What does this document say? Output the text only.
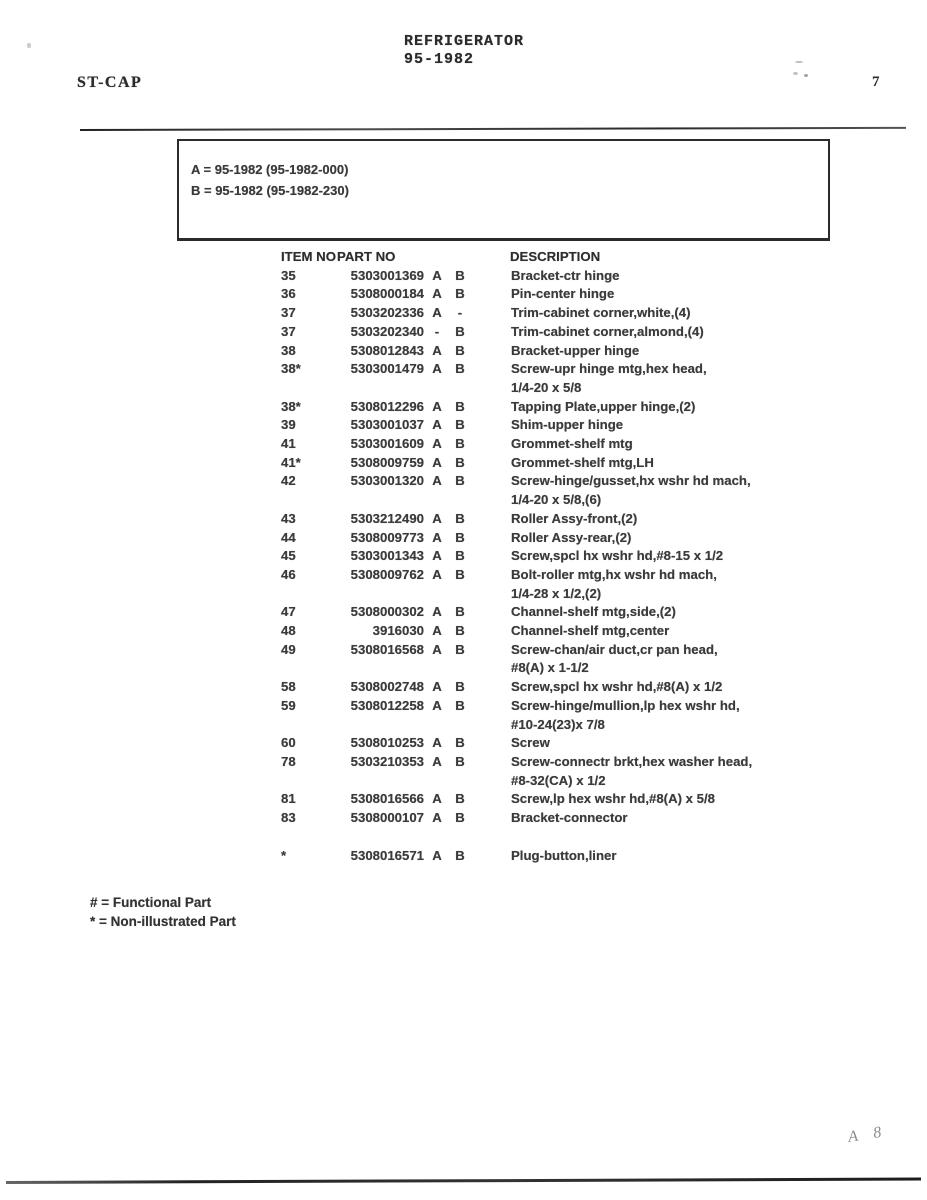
REFRIGERATOR
95-1982
ST-CAP	7
A = 95-1982 (95-1982-000)
B = 95-1982 (95-1982-230)
ITEM NO PART NO	DESCRIPTION
35	5303001369 A	B	Bracket-ctr hinge
36	5308000184 A	B	Pin-center hinge
37	5303202336 A	-	Trim-cabinet corner,white,(4)
37	5303202340 -	B	Trim-cabinet corner,almond,(4)
38	5308012843 A	B	Bracket-upper hinge
38*	5303001479 A	B	Screw-upr hinge mtg,hex head,
1/4-20 x 5/8
38*	5308012296 A	B	Tapping Plate,upper hinge,(2)
39	5303001037 A	B	Shim-upper hinge
41	5303001609 A	B	Grommet-shelf mtg
41*	5308009759 A	B	Grommet-shelf mtg,LH
42	5303001320 A	B	Screw-hinge/gusset,hx wshr hd mach,
1/4-20 x 5/8,(6)
43	5303212490 A	B	Roller Assy-front,(2)
44	5308009773 A	B	Roller Assy-rear,(2)
45	5303001343 A	B	Screw,spcl hx wshr hd,#8-15 x 1/2
46	5308009762 A	B	Bolt-roller mtg,hx wshr hd mach,
1/4-28 x 1/2,(2)
47	5308000302 A	B	Channel-shelf mtg,side,(2)
48	3916030 A	B	Channel-shelf mtg,center
49	5308016568 A	B	Screw-chan/air duct,cr pan head,
#8(A) x 1-1/2
58	5308002748 A	B	Screw,spcl hx wshr hd,#8(A) x 1/2
59	5308012258 A	B	Screw-hinge/mullion,lp hex wshr hd,
#10-24(23)x 7/8
60	5308010253 A	B	Screw
78	5303210353 A	B	Screw-connectr brkt,hex washer head,
#8-32(CA) x 1/2
81	5308016566 A	B	Screw,lp hex wshr hd,#8(A) x 5/8
83	5308000107 A	B	Bracket-connector
*	5308016571 A	B	Plug-button,liner
# = Functional Part
* = Non-illustrated Part
A 8
